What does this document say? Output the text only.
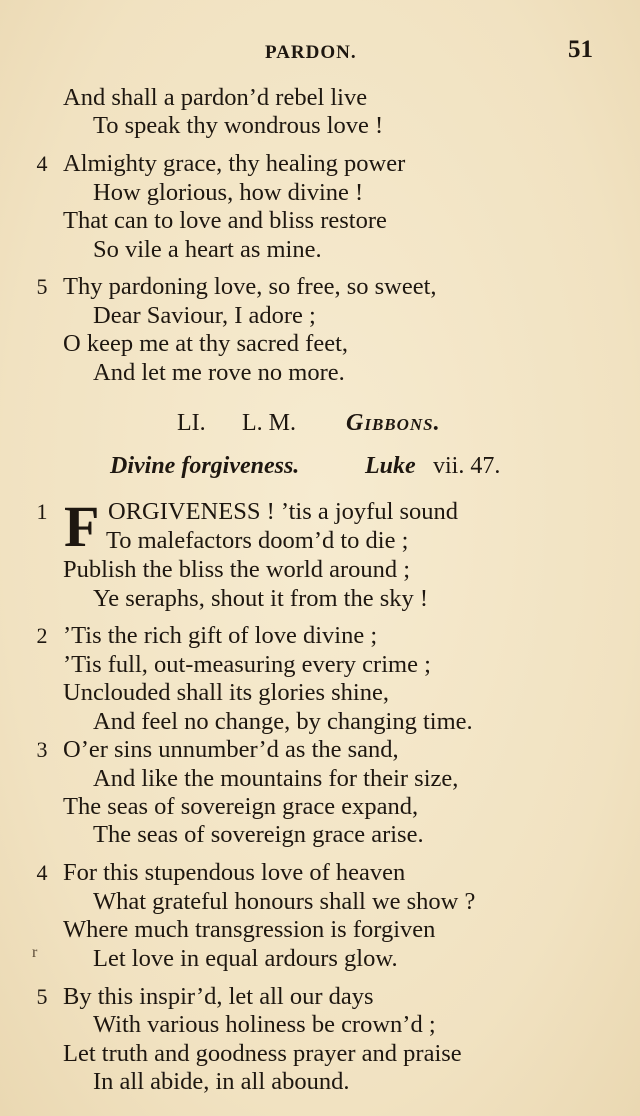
PARDON.	51
And shall a pardon’d rebel live
To speak thy wondrous love !
4 Almighty grace, thy healing power
How glorious, how divine !
That can to love and bliss restore
So vile a heart as mine.
5 Thy pardoning love, so free, so sweet,
Dear Saviour, I adore ;
O keep me at thy sacred feet,
And let me rove no more.
1	ORGIVENESS ! ’tis a joyful sound
To malefactors doom’d to die ;
Publish the bliss the world around ;
Ye seraphs, shout it from the sky !
2 ’Tis the rich gift of love divine ;
’Tis full, out-measuring every crime ;
Unclouded shall its glories shine,
And feel no change, by changing time.
3 O’er sins unnumber’d as the sand,
And like the mountains for their size,
The seas of sovereign grace expand,
The seas of sovereign grace arise.
4 For this stupendous love of heaven
What grateful honours shall we show ?
Where much transgression is forgiven
Let love in equal ardours glow.
5 By this inspir’d, let all our days
With various holiness be crown’d ;
Let truth and goodness prayer and praise
In all abide, in all abound.
LI. L. M. Gibbons.
Divine forgiveness.	Luke vii. 47.
F
r
